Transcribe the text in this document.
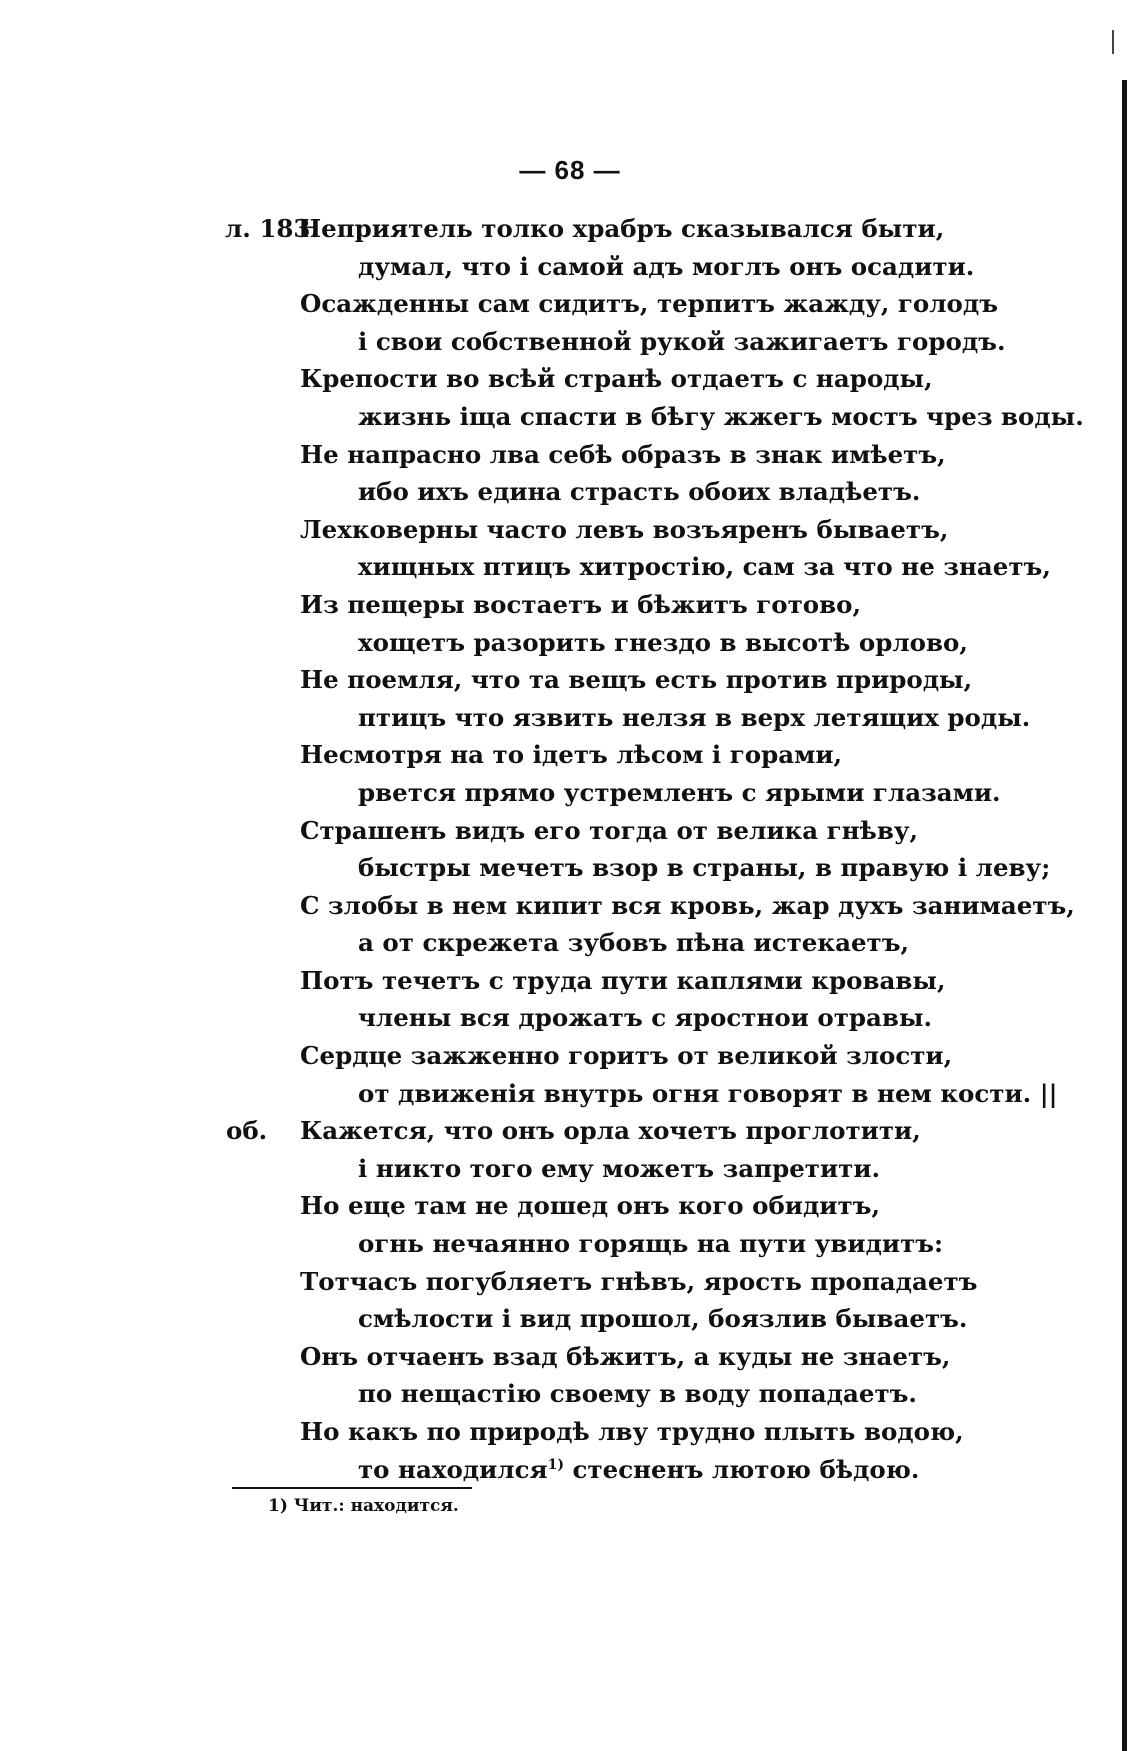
— 68 —
л. 183.
Неприятель толко храбръ сказывался быти,
думал, что і самой адъ моглъ онъ осадити.
Осажденны сам сидитъ, терпитъ жажду, голодъ
і свои собственной рукой зажигаетъ городъ.
Крепости во всѣй странѣ отдаетъ с народы,
жизнь іща спасти в бѣгу жжегъ мостъ чрез воды.
Не напрасно лва себѣ образъ в знак имѣетъ,
ибо ихъ едина страсть обоих владѣетъ.
Лехковерны часто левъ возъяренъ бываетъ,
хищных птицъ хитростію, сам за что не знаетъ,
Из пещеры востаетъ и бѣжитъ готово,
хощетъ разорить гнездо в высотѣ орлово,
Не поемля, что та вещъ есть против природы,
птицъ что язвить нелзя в верх летящих роды.
Несмотря на то ідетъ лѣсом і горами,
рвется прямо устремленъ с ярыми глазами.
Страшенъ видъ его тогда от велика гнѣву,
быстры мечетъ взор в страны, в правую і леву;
С злобы в нем кипит вся кровь, жар духъ занимаетъ,
а от скрежета зубовъ пѣна истекаетъ,
Потъ течетъ с труда пути каплями кровавы,
члены вся дрожатъ с яростнои отравы.
Сердце зажженно горитъ от великой злости,
от движенія внутрь огня говорят в нем кости. ||
об. Кажется, что онъ орла хочетъ проглотити,
і никто того ему можетъ запретити.
Но еще там не дошед онъ кого обидитъ,
огнь нечаянно горящь на пути увидитъ:
Тотчасъ погубляетъ гнѣвъ, ярость пропадаетъ
смѣлости і вид прошол, боязлив бываетъ.
Онъ отчаенъ взад бѣжитъ, а куды не знаетъ,
по нещастію своему в воду попадаетъ.
Но какъ по природѣ лву трудно плыть водою,
то находился$^{1)}$ стесненъ лютою бѣдою.
1) Чит.: находится.
